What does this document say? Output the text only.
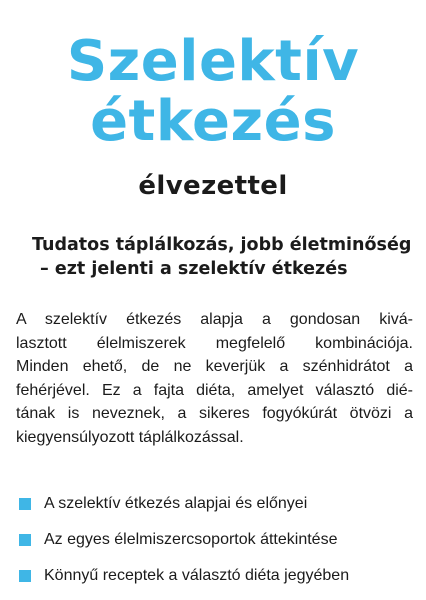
Szelektív
étkezés
élvezettel
Tudatos táplálkozás, jobb életminőség
– ezt jelenti a szelektív étkezés
A szelektív étkezés alapja a gondosan kivá-
lasztott élelmiszerek megfelelő kombinációja.
Minden ehető, de ne keverjük a szénhidrátot a
fehérjével. Ez a fajta diéta, amelyet választó dié-
tának is neveznek, a sikeres fogyókúrát ötvözi a
kiegyensúlyozott táplálkozással.
A szelektív étkezés alapjai és előnyei
Az egyes élelmiszercsoportok áttekintése
Könnyű receptek a választó diéta jegyében
